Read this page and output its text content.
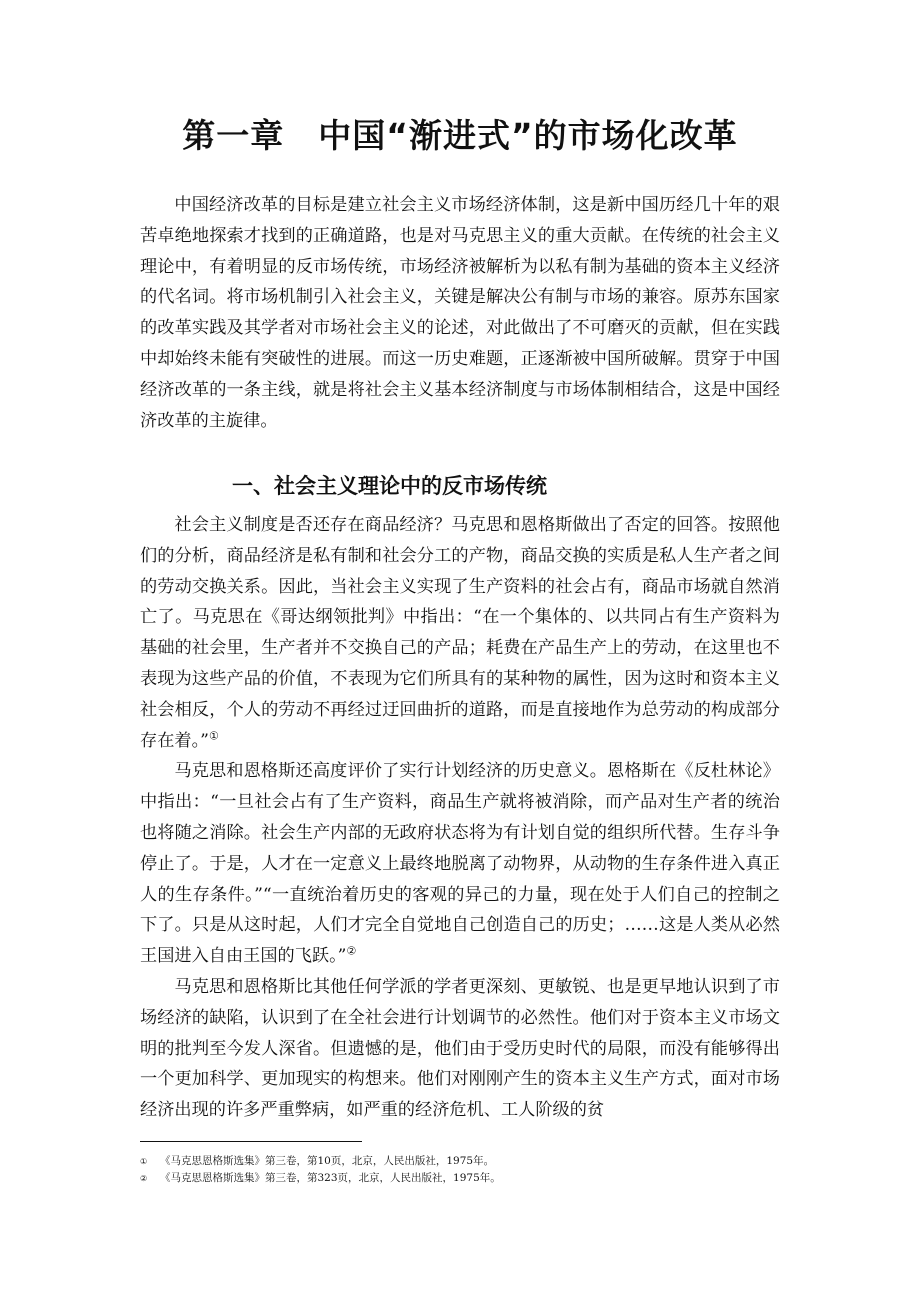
第一章　中国“渐进式”的市场化改革

中国经济改革的目标是建立社会主义市场经济体制，这是新中国历经几十年的艰苦卓绝地探索才找到的正确道路，也是对马克思主义的重大贡献。在传统的社会主义理论中，有着明显的反市场传统，市场经济被解析为以私有制为基础的资本主义经济的代名词。将市场机制引入社会主义，关键是解决公有制与市场的兼容。原苏东国家的改革实践及其学者对市场社会主义的论述，对此做出了不可磨灭的贡献，但在实践中却始终未能有突破性的进展。而这一历史难题，正逐渐被中国所破解。贯穿于中国经济改革的一条主线，就是将社会主义基本经济制度与市场体制相结合，这是中国经济改革的主旋律。

一、社会主义理论中的反市场传统

社会主义制度是否还存在商品经济？马克思和恩格斯做出了否定的回答。按照他们的分析，商品经济是私有制和社会分工的产物，商品交换的实质是私人生产者之间的劳动交换关系。因此，当社会主义实现了生产资料的社会占有，商品市场就自然消亡了。马克思在《哥达纲领批判》中指出：“在一个集体的、以共同占有生产资料为基础的社会里，生产者并不交换自己的产品；耗费在产品生产上的劳动，在这里也不表现为这些产品的价值，不表现为它们所具有的某种物的属性，因为这时和资本主义社会相反，个人的劳动不再经过迂回曲折的道路，而是直接地作为总劳动的构成部分存在着。”①

马克思和恩格斯还高度评价了实行计划经济的历史意义。恩格斯在《反杜林论》中指出：“一旦社会占有了生产资料，商品生产就将被消除，而产品对生产者的统治也将随之消除。社会生产内部的无政府状态将为有计划自觉的组织所代替。生存斗争停止了。于是，人才在一定意义上最终地脱离了动物界，从动物的生存条件进入真正人的生存条件。”“一直统治着历史的客观的异己的力量，现在处于人们自己的控制之下了。只是从这时起，人们才完全自觉地自己创造自己的历史；……这是人类从必然王国进入自由王国的飞跃。”②

马克思和恩格斯比其他任何学派的学者更深刻、更敏锐、也是更早地认识到了市场经济的缺陷，认识到了在全社会进行计划调节的必然性。他们对于资本主义市场文明的批判至今发人深省。但遗憾的是，他们由于受历史时代的局限，而没有能够得出一个更加科学、更加现实的构想来。他们对刚刚产生的资本主义生产方式，面对市场经济出现的许多严重弊病，如严重的经济危机、工人阶级的贫

① 《马克思恩格斯选集》第三卷，第10页，北京，人民出版社，1975年。

② 《马克思恩格斯选集》第三卷，第323页，北京，人民出版社，1975年。
